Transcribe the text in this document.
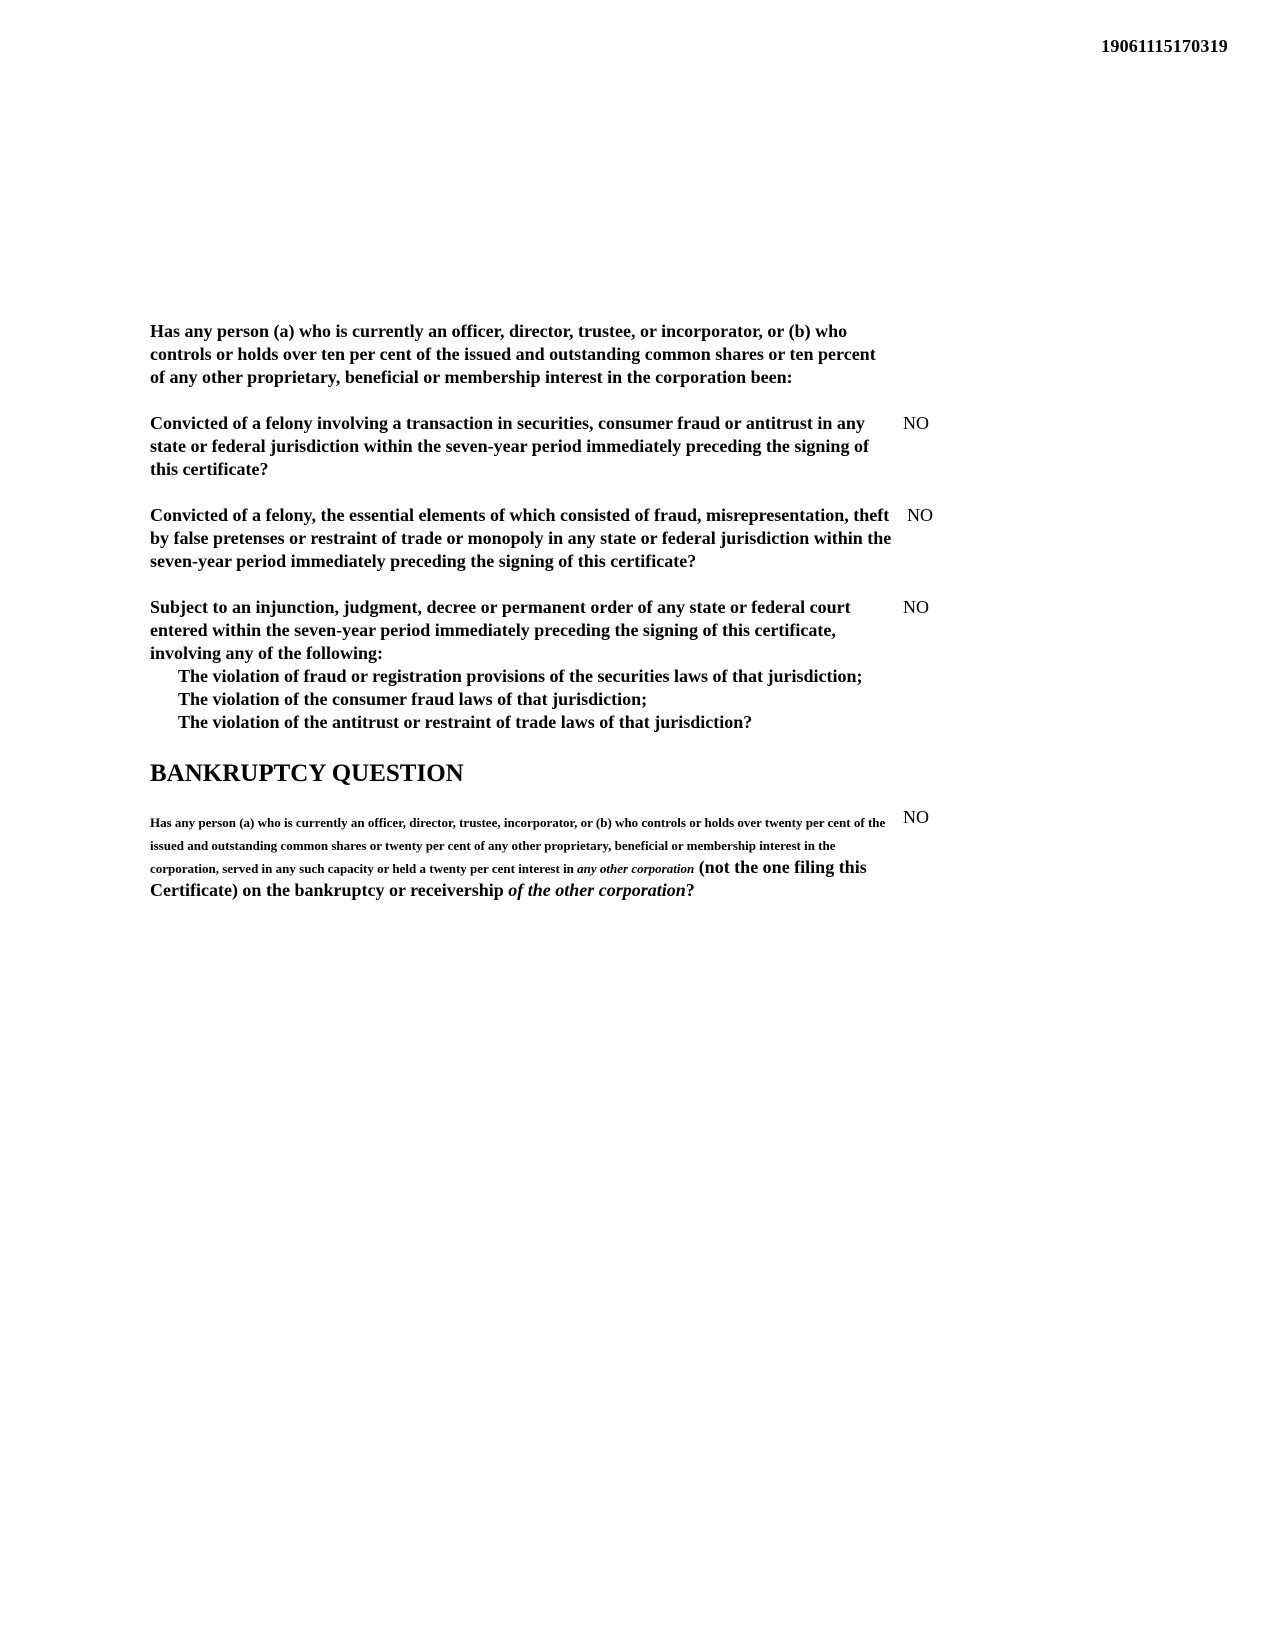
19061115170319
Has any person (a) who is currently an officer, director, trustee, or incorporator, or (b) who controls or holds over ten per cent of the issued and outstanding common shares or ten percent of any other proprietary, beneficial or membership interest in the corporation been:
Convicted of a felony involving a transaction in securities, consumer fraud or antitrust in any state or federal jurisdiction within the seven-year period immediately preceding the signing of this certificate?
NO
Convicted of a felony, the essential elements of which consisted of fraud, misrepresentation, theft by false pretenses or restraint of trade or monopoly in any state or federal jurisdiction within the seven-year period immediately preceding the signing of this certificate?
NO
Subject to an injunction, judgment, decree or permanent order of any state or federal court entered within the seven-year period immediately preceding the signing of this certificate, involving any of the following:
The violation of fraud or registration provisions of the securities laws of that jurisdiction;
The violation of the consumer fraud laws of that jurisdiction;
The violation of the antitrust or restraint of trade laws of that jurisdiction?
NO
BANKRUPTCY QUESTION
Has any person (a) who is currently an officer, director, trustee, incorporator, or (b) who controls or holds over twenty per cent of the issued and outstanding common shares or twenty per cent of any other proprietary, beneficial or membership interest in the corporation, served in any such capacity or held a twenty per cent interest in any other corporation (not the one filing this Certificate) on the bankruptcy or receivership of the other corporation?
NO
